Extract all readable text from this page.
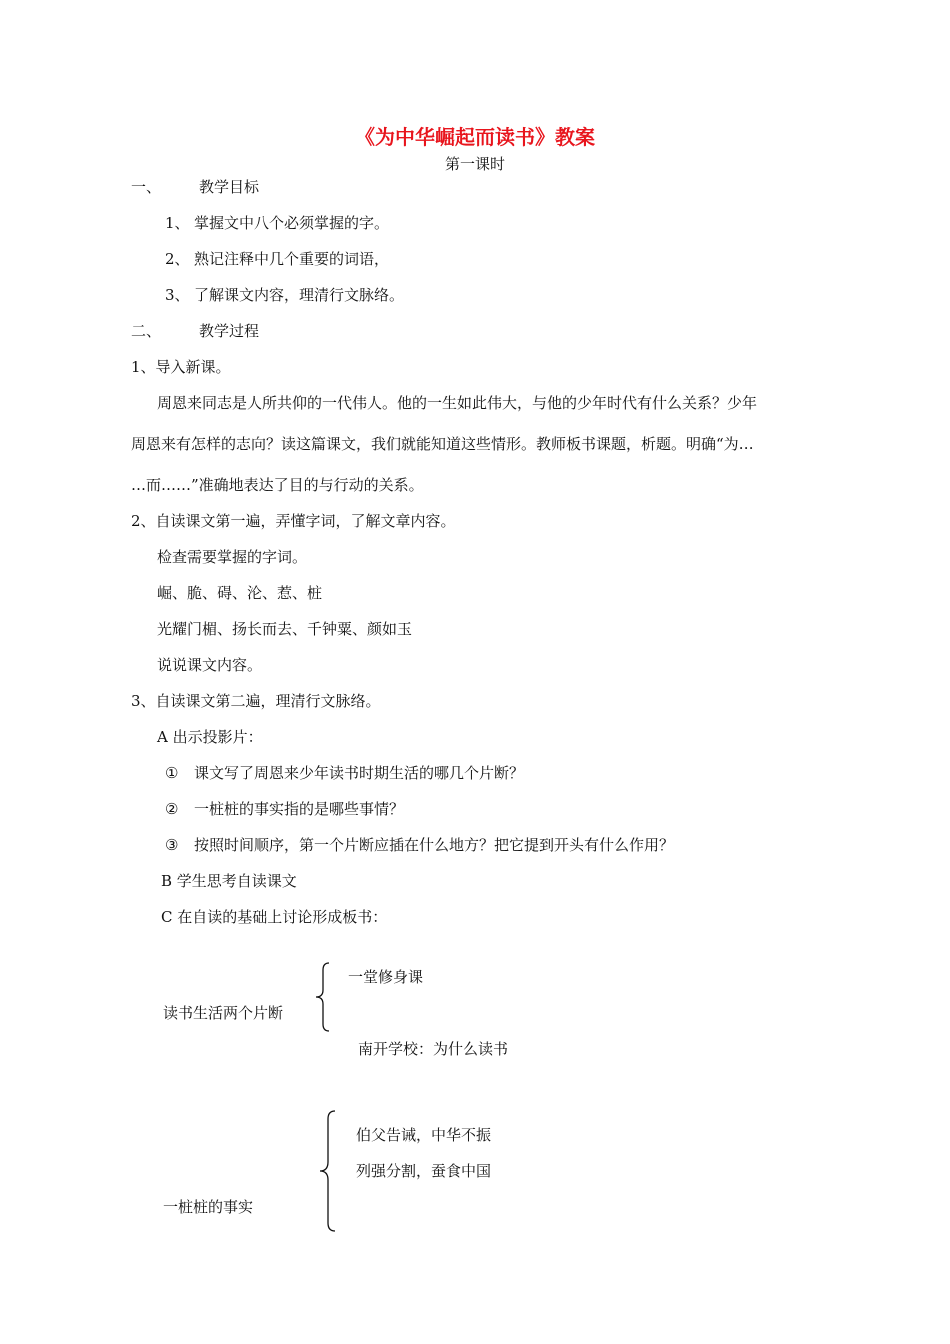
《为中华崛起而读书》教案
第一课时
一、	教学目标
1、 掌握文中八个必须掌握的字。
2、 熟记注释中几个重要的词语，
3、 了解课文内容，理清行文脉络。
二、	教学过程
1、导入新课。
周恩来同志是人所共仰的一代伟人。他的一生如此伟大，与他的少年时代有什么关系？少年
周恩来有怎样的志向？读这篇课文，我们就能知道这些情形。教师板书课题，析题。明确“为…
…而……”准确地表达了目的与行动的关系。
2、自读课文第一遍，弄懂字词，了解文章内容。
检查需要掌握的字词。
崛、脆、碍、沦、惹、桩
光耀门楣、扬长而去、千钟粟、颜如玉
说说课文内容。
3、自读课文第二遍，理清行文脉络。
A 出示投影片：
① 课文写了周恩来少年读书时期生活的哪几个片断？
② 一桩桩的事实指的是哪些事情？
③ 按照时间顺序，第一个片断应插在什么地方？把它提到开头有什么作用？
B 学生思考自读课文
C 在自读的基础上讨论形成板书：
一堂修身课
读书生活两个片断
南开学校：为什么读书
伯父告诫，中华不振
列强分割，蚕食中国
一桩桩的事实
